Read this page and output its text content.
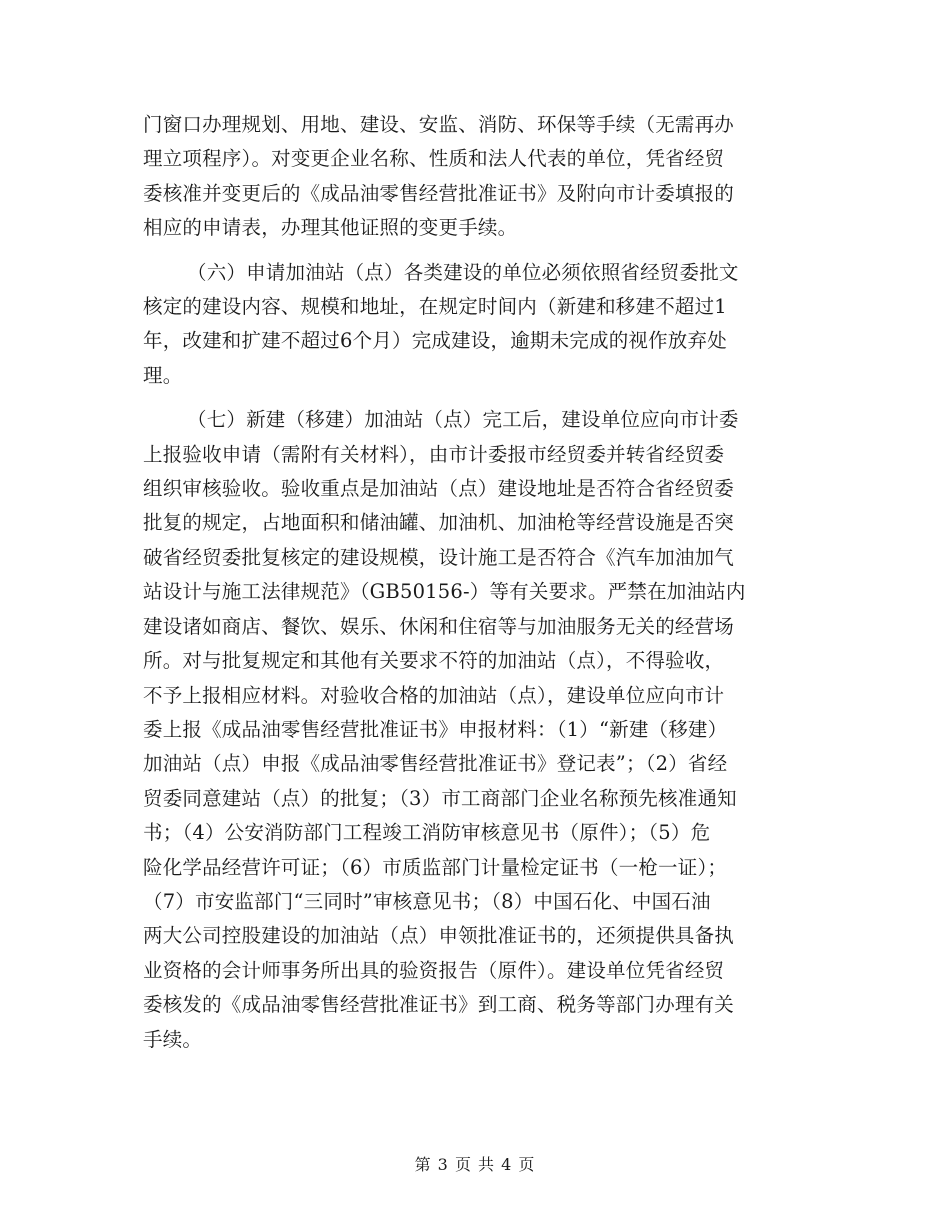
门窗口办理规划、用地、建设、安监、消防、环保等手续（无需再办
理立项程序）。对变更企业名称、性质和法人代表的单位，凭省经贸
委核准并变更后的《成品油零售经营批准证书》及附向市计委填报的
相应的申请表，办理其他证照的变更手续。
（六）申请加油站（点）各类建设的单位必须依照省经贸委批文
核定的建设内容、规模和地址，在规定时间内（新建和移建不超过1
年，改建和扩建不超过6个月）完成建设，逾期未完成的视作放弃处
理。
（七）新建（移建）加油站（点）完工后，建设单位应向市计委
上报验收申请（需附有关材料），由市计委报市经贸委并转省经贸委
组织审核验收。验收重点是加油站（点）建设地址是否符合省经贸委
批复的规定，占地面积和储油罐、加油机、加油枪等经营设施是否突
破省经贸委批复核定的建设规模，设计施工是否符合《汽车加油加气
站设计与施工法律规范》（GB50156-）等有关要求。严禁在加油站内
建设诸如商店、餐饮、娱乐、休闲和住宿等与加油服务无关的经营场
所。对与批复规定和其他有关要求不符的加油站（点），不得验收，
不予上报相应材料。对验收合格的加油站（点），建设单位应向市计
委上报《成品油零售经营批准证书》申报材料：（1）“新建（移建）
加油站（点）申报《成品油零售经营批准证书》登记表”；（2）省经
贸委同意建站（点）的批复；（3）市工商部门企业名称预先核准通知
书；（4）公安消防部门工程竣工消防审核意见书（原件）；（5）危
险化学品经营许可证；（6）市质监部门计量检定证书（一枪一证）；
（7）市安监部门“三同时”审核意见书；（8）中国石化、中国石油
两大公司控股建设的加油站（点）申领批准证书的，还须提供具备执
业资格的会计师事务所出具的验资报告（原件）。建设单位凭省经贸
委核发的《成品油零售经营批准证书》到工商、税务等部门办理有关
手续。
第 3 页 共 4 页
